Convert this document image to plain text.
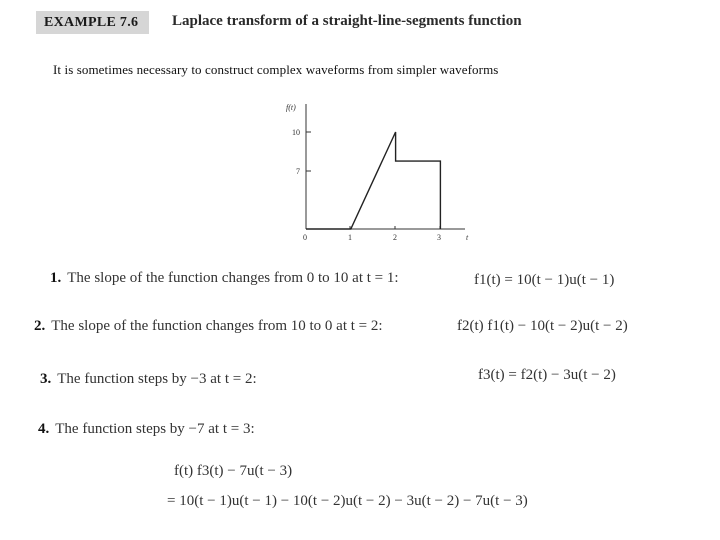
EXAMPLE 7.6	Laplace transform of a straight-line-segments function
It is sometimes necessary to construct complex waveforms from simpler waveforms
f(t)
10
7
0	1	2	3	t
1. The slope of the function changes from 0 to 10 at t = 1:	f1(t) = 10(t − 1)u(t − 1)
2. The slope of the function changes from 10 to 0 at t = 2:	f2(t) f1(t) − 10(t − 2)u(t − 2)
3. The function steps by −3 at t = 2:	f3(t) = f2(t) − 3u(t − 2)
4. The function steps by −7 at t = 3:
f(t) f3(t) − 7u(t − 3)
= 10(t − 1)u(t − 1) − 10(t − 2)u(t − 2) − 3u(t − 2) − 7u(t − 3)
